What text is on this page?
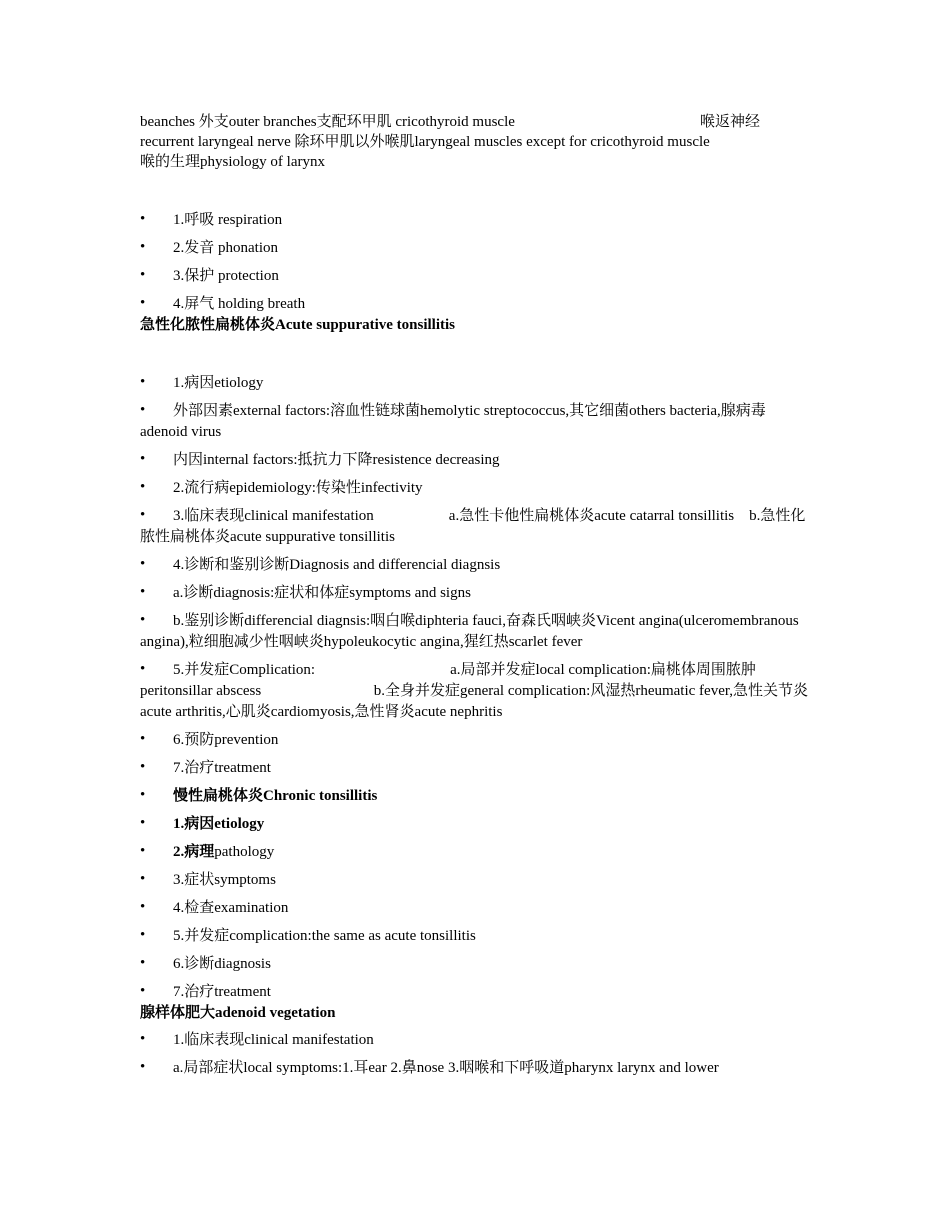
beanches 外支outer branches支配环甲肌 cricothyroid muscle	喉返神经
recurrent laryngeal nerve 除环甲肌以外喉肌laryngeal muscles except for cricothyroid muscle
喉的生理physiology of larynx
• 1.呼吸 respiration
• 2.发音 phonation
• 3.保护 protection
• 4.屏气 holding breath
急性化脓性扁桃体炎Acute suppurative tonsillitis
• 1.病因etiology
• 外部因素external factors:溶血性链球菌hemolytic streptococcus,其它细菌others bacteria,腺病毒adenoid virus
• 内因internal factors:抵抗力下降resistence decreasing
• 2.流行病epidemiology:传染性infectivity
• 3.临床表现clinical manifestation                    a.急性卡他性扁桃体炎acute catarral tonsillitis    b.急性化脓性扁桃体炎acute suppurative tonsillitis
• 4.诊断和鉴别诊断Diagnosis and differencial diagnsis
• a.诊断diagnosis:症状和体症symptoms and signs
• b.鉴别诊断differencial diagnsis:咽白喉diphteria fauci,奋森氏咽峡炎Vicent angina(ulceromembranous angina),粒细胞减少性咽峡炎hypoleukocytic angina,猩红热scarlet fever
• 5.并发症Complication:                                    a.局部并发症local complication:扁桃体周围脓肿peritonsillar abscess                              b.全身并发症general complication:风湿热rheumatic fever,急性关节炎acute arthritis,心肌炎cardiomyosis,急性肾炎acute nephritis
• 6.预防prevention
• 7.治疗treatment
• 慢性扁桃体炎Chronic tonsillitis
• 1.病因etiology
• 2.病理pathology
• 3.症状symptoms
• 4.检查examination
• 5.并发症complication:the same as acute tonsillitis
• 6.诊断diagnosis
• 7.治疗treatment
腺样体肥大adenoid vegetation
• 1.临床表现clinical manifestation
• a.局部症状local symptoms:1.耳ear 2.鼻nose 3.咽喉和下呼吸道pharynx larynx and lower
